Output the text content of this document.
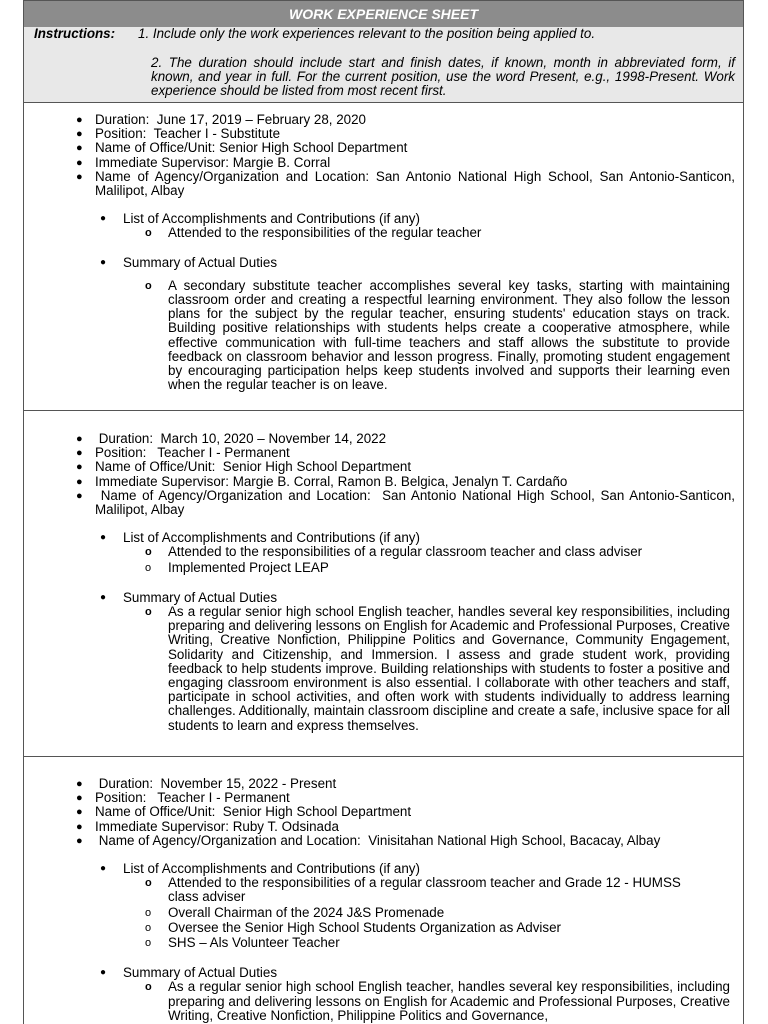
WORK EXPERIENCE SHEET
Instructions: 1. Include only the work experiences relevant to the position being applied to.
2. The duration should include start and finish dates, if known, month in abbreviated form, if known, and year in full. For the current position, use the word Present, e.g., 1998-Present. Work experience should be listed from most recent first.
● Duration: June 17, 2019 – February 28, 2020
● Position: Teacher I - Substitute
● Name of Office/Unit: Senior High School Department
● Immediate Supervisor: Margie B. Corral
● Name of Agency/Organization and Location: San Antonio National High School, San Antonio-Santicon, Malilipot, Albay
● List of Accomplishments and Contributions (if any)
o Attended to the responsibilities of the regular teacher
● Summary of Actual Duties
o A secondary substitute teacher accomplishes several key tasks, starting with maintaining classroom order and creating a respectful learning environment. They also follow the lesson plans for the subject by the regular teacher, ensuring students' education stays on track. Building positive relationships with students helps create a cooperative atmosphere, while effective communication with full-time teachers and staff allows the substitute to provide feedback on classroom behavior and lesson progress. Finally, promoting student engagement by encouraging participation helps keep students involved and supports their learning even when the regular teacher is on leave.
● Duration: March 10, 2020 – November 14, 2022
● Position: Teacher I - Permanent
● Name of Office/Unit: Senior High School Department
● Immediate Supervisor: Margie B. Corral, Ramon B. Belgica, Jenalyn T. Cardaño
● Name of Agency/Organization and Location: San Antonio National High School, San Antonio-Santicon, Malilipot, Albay
● List of Accomplishments and Contributions (if any)
o Attended to the responsibilities of a regular classroom teacher and class adviser
o Implemented Project LEAP
● Summary of Actual Duties
o As a regular senior high school English teacher, handles several key responsibilities, including preparing and delivering lessons on English for Academic and Professional Purposes, Creative Writing, Creative Nonfiction, Philippine Politics and Governance, Community Engagement, Solidarity and Citizenship, and Immersion. I assess and grade student work, providing feedback to help students improve. Building relationships with students to foster a positive and engaging classroom environment is also essential. I collaborate with other teachers and staff, participate in school activities, and often work with students individually to address learning challenges. Additionally, maintain classroom discipline and create a safe, inclusive space for all students to learn and express themselves.
● Duration: November 15, 2022 - Present
● Position: Teacher I - Permanent
● Name of Office/Unit: Senior High School Department
● Immediate Supervisor: Ruby T. Odsinada
● Name of Agency/Organization and Location: Vinisitahan National High School, Bacacay, Albay
● List of Accomplishments and Contributions (if any)
o Attended to the responsibilities of a regular classroom teacher and Grade 12 - HUMSS class adviser
o Overall Chairman of the 2024 J&S Promenade
o Oversee the Senior High School Students Organization as Adviser
o SHS – Als Volunteer Teacher
● Summary of Actual Duties
o As a regular senior high school English teacher, handles several key responsibilities, including preparing and delivering lessons on English for Academic and Professional Purposes, Creative Writing, Creative Nonfiction, Philippine Politics and Governance,
